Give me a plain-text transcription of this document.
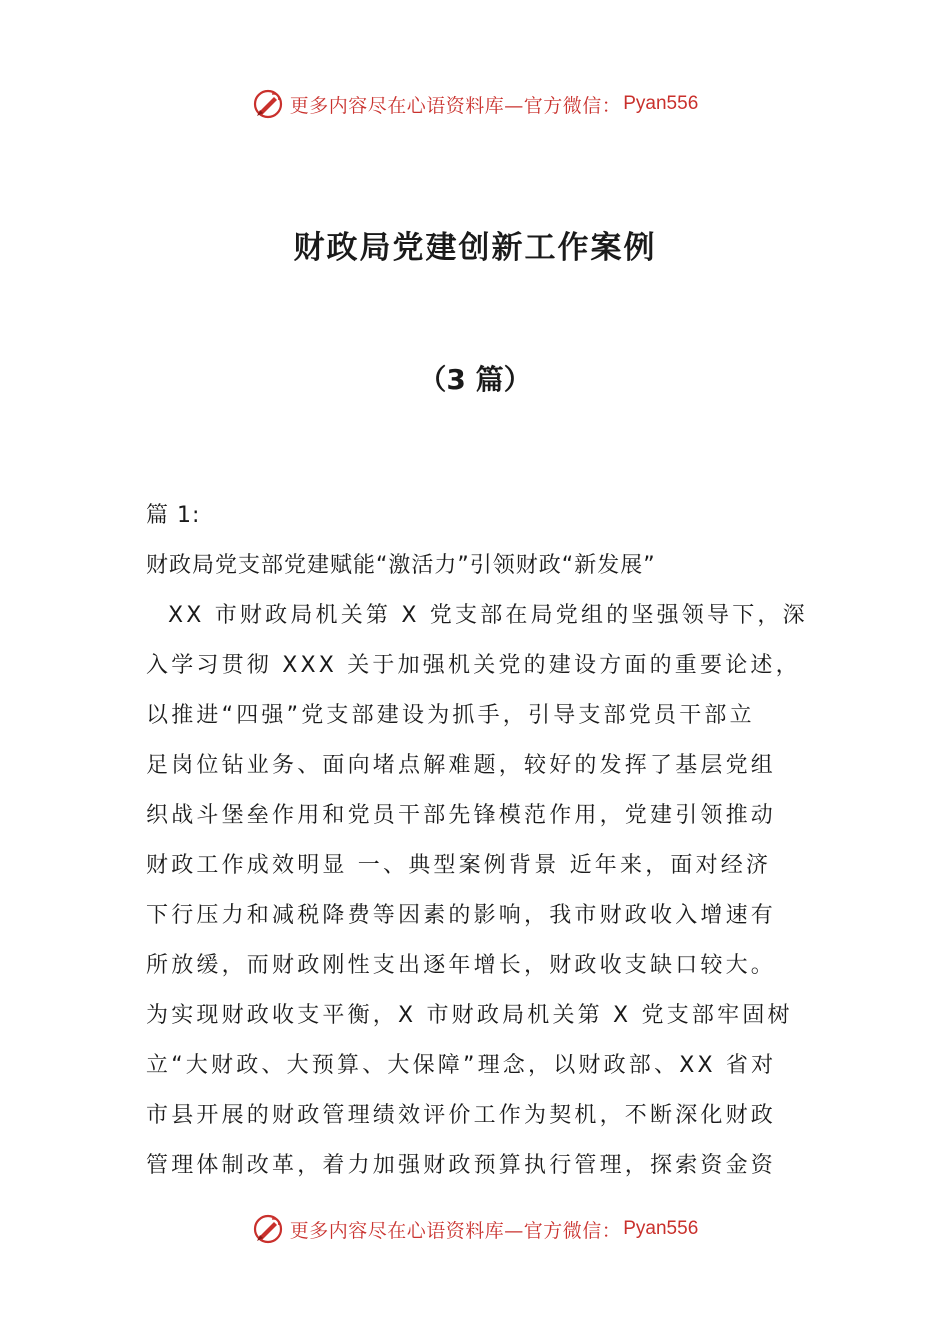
更多内容尽在心语资料库—官方微信： Pyan556
财政局党建创新工作案例
（3 篇）
篇 1:
财政局党支部党建赋能“激活力”引领财政“新发展”
XX 市财政局机关第 X 党支部在局党组的坚强领导下，深
入学习贯彻 XXX 关于加强机关党的建设方面的重要论述，
以推进“四强”党支部建设为抓手，引导支部党员干部立
足岗位钻业务、面向堵点解难题，较好的发挥了基层党组
织战斗堡垒作用和党员干部先锋模范作用，党建引领推动
财政工作成效明显 一、典型案例背景 近年来，面对经济
下行压力和减税降费等因素的影响，我市财政收入增速有
所放缓，而财政刚性支出逐年增长，财政收支缺口较大。
为实现财政收支平衡，X 市财政局机关第 X 党支部牢固树
立“大财政、大预算、大保障”理念，以财政部、XX 省对
市县开展的财政管理绩效评价工作为契机，不断深化财政
管理体制改革，着力加强财政预算执行管理，探索资金资
更多内容尽在心语资料库—官方微信： Pyan556
